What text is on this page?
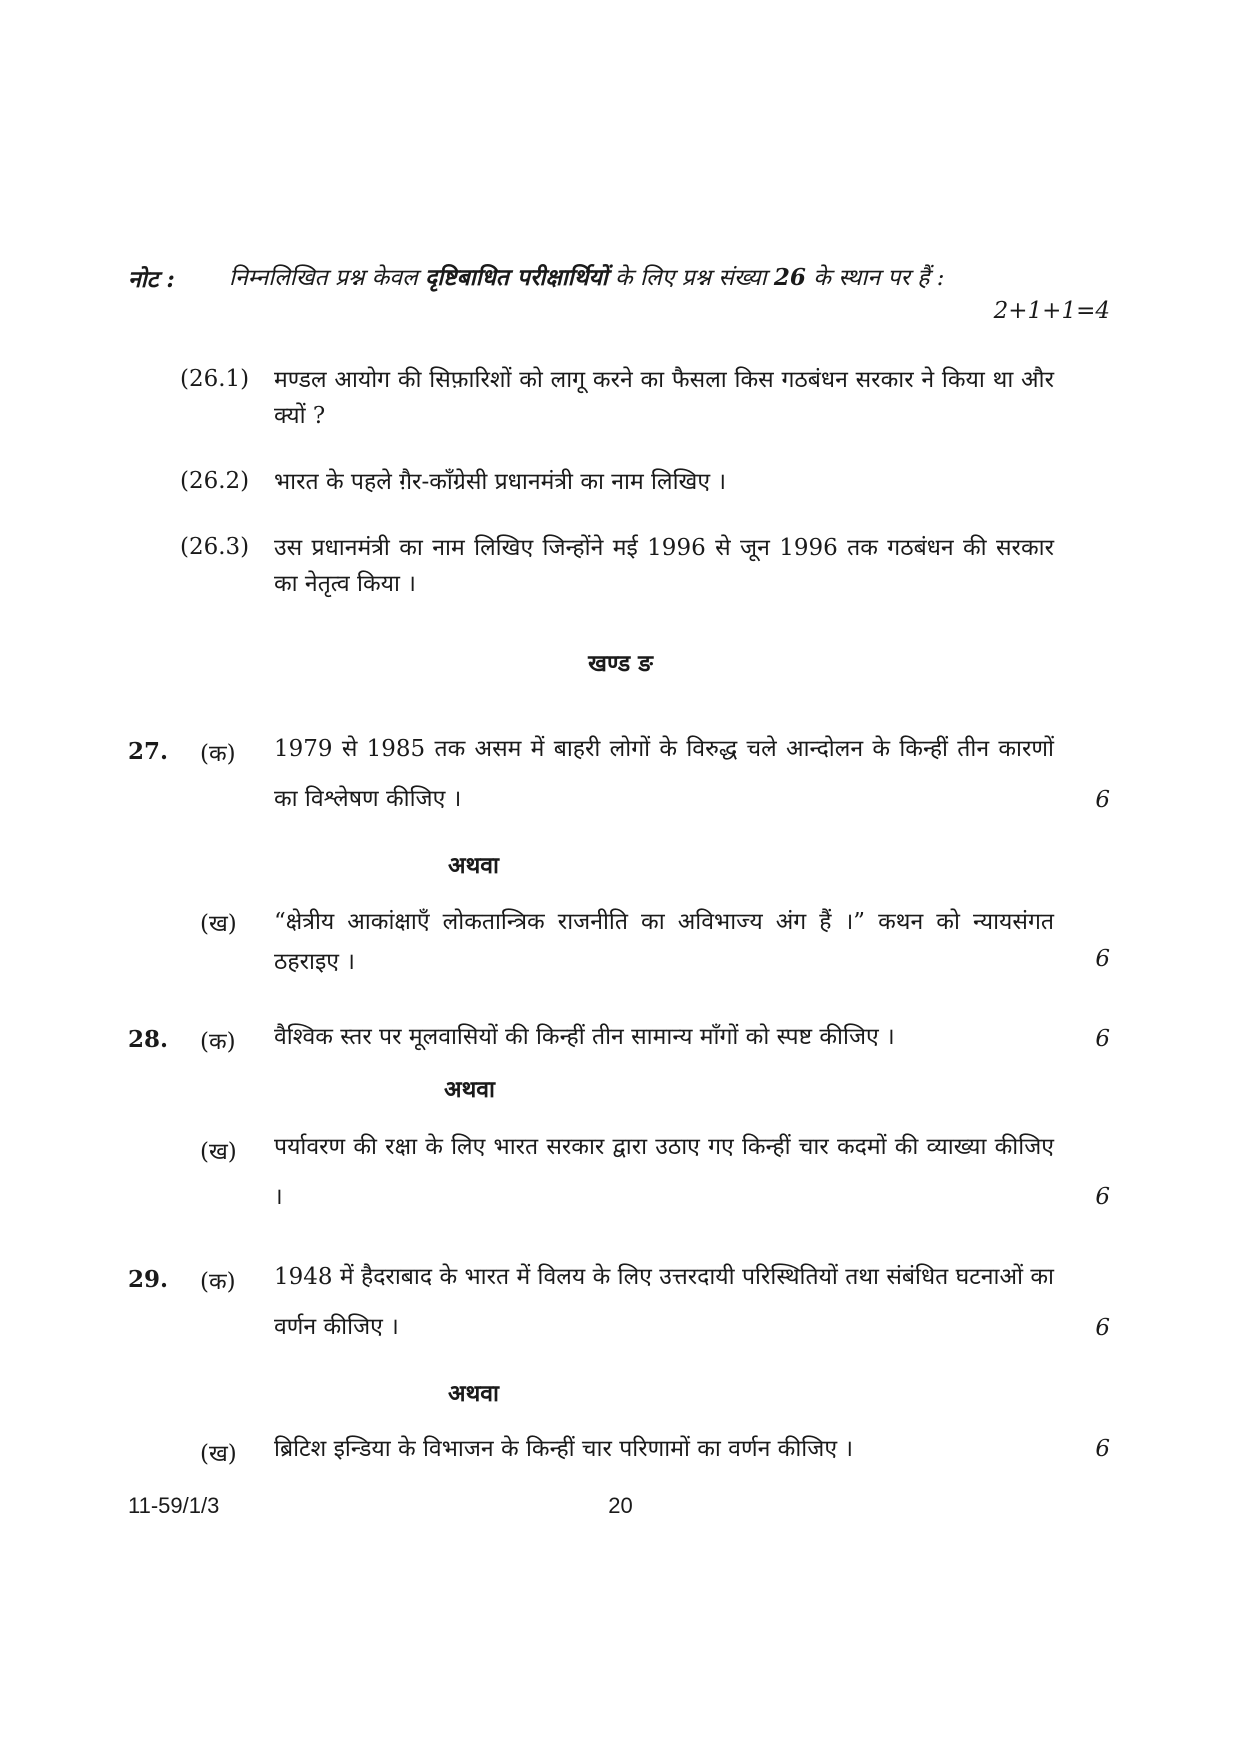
नोट : निम्नलिखित प्रश्न केवल दृष्टिबाधित परीक्षार्थियों के लिए प्रश्न संख्या 26 के स्थान पर हैं :
2+1+1=4
(26.1)	मण्डल आयोग की सिफ़ारिशों को लागू करने का फैसला किस गठबंधन सरकार ने किया था और क्यों ?
(26.2)	भारत के पहले ग़ैर-काँग्रेसी प्रधानमंत्री का नाम लिखिए ।
(26.3)	उस प्रधानमंत्री का नाम लिखिए जिन्होंने मई 1996 से जून 1996 तक गठबंधन की सरकार का नेतृत्व किया ।
खण्ड ङ
27. (क) 1979 से 1985 तक असम में बाहरी लोगों के विरुद्ध चले आन्दोलन के किन्हीं तीन कारणों का विश्लेषण कीजिए ।	6
अथवा
(ख) “क्षेत्रीय आकांक्षाएँ लोकतान्त्रिक राजनीति का अविभाज्य अंग हैं ।” कथन को न्यायसंगत ठहराइए ।	6
28. (क) वैश्विक स्तर पर मूलवासियों की किन्हीं तीन सामान्य माँगों को स्पष्ट कीजिए ।	6
अथवा
(ख) पर्यावरण की रक्षा के लिए भारत सरकार द्वारा उठाए गए किन्हीं चार कदमों की व्याख्या कीजिए ।	6
29. (क) 1948 में हैदराबाद के भारत में विलय के लिए उत्तरदायी परिस्थितियों तथा संबंधित घटनाओं का वर्णन कीजिए ।	6
अथवा
(ख) ब्रिटिश इन्डिया के विभाजन के किन्हीं चार परिणामों का वर्णन कीजिए ।	6
11-59/1/3	20
